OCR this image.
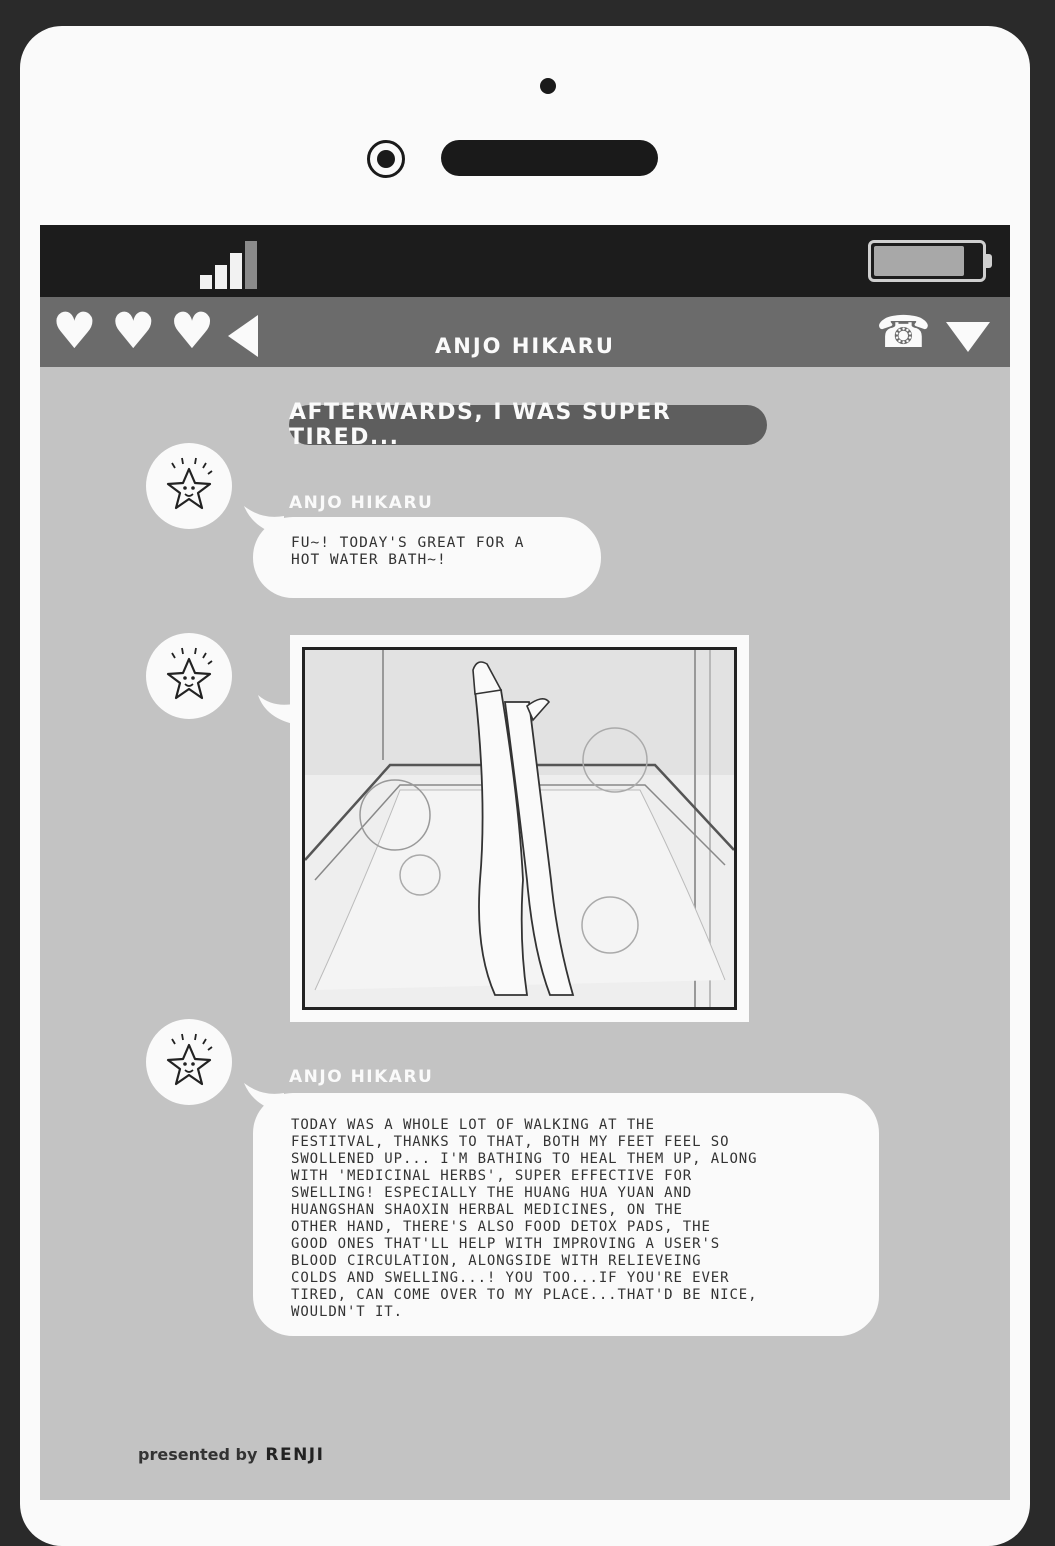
♥ ♥ ♥	ANJO HIKARU	☎
AFTERWARDS, I WAS SUPER TIRED...
ANJO HIKARU
FU~! TODAY'S GREAT FOR A
HOT WATER BATH~!
ANJO HIKARU
TODAY WAS A WHOLE LOT OF WALKING AT THE
FESTITVAL, THANKS TO THAT, BOTH MY FEET FEEL SO
SWOLLENED UP... I'M BATHING TO HEAL THEM UP, ALONG
WITH 'MEDICINAL HERBS', SUPER EFFECTIVE FOR
SWELLING! ESPECIALLY THE HUANG HUA YUAN AND
HUANGSHAN SHAOXIN HERBAL MEDICINES, ON THE
OTHER HAND, THERE'S ALSO FOOD DETOX PADS, THE
GOOD ONES THAT'LL HELP WITH IMPROVING A USER'S
BLOOD CIRCULATION, ALONGSIDE WITH RELIEVEING
COLDS AND SWELLING...! YOU TOO...IF YOU'RE EVER
TIRED, CAN COME OVER TO MY PLACE...THAT'D BE NICE,
WOULDN'T IT.
presented by RENJI
